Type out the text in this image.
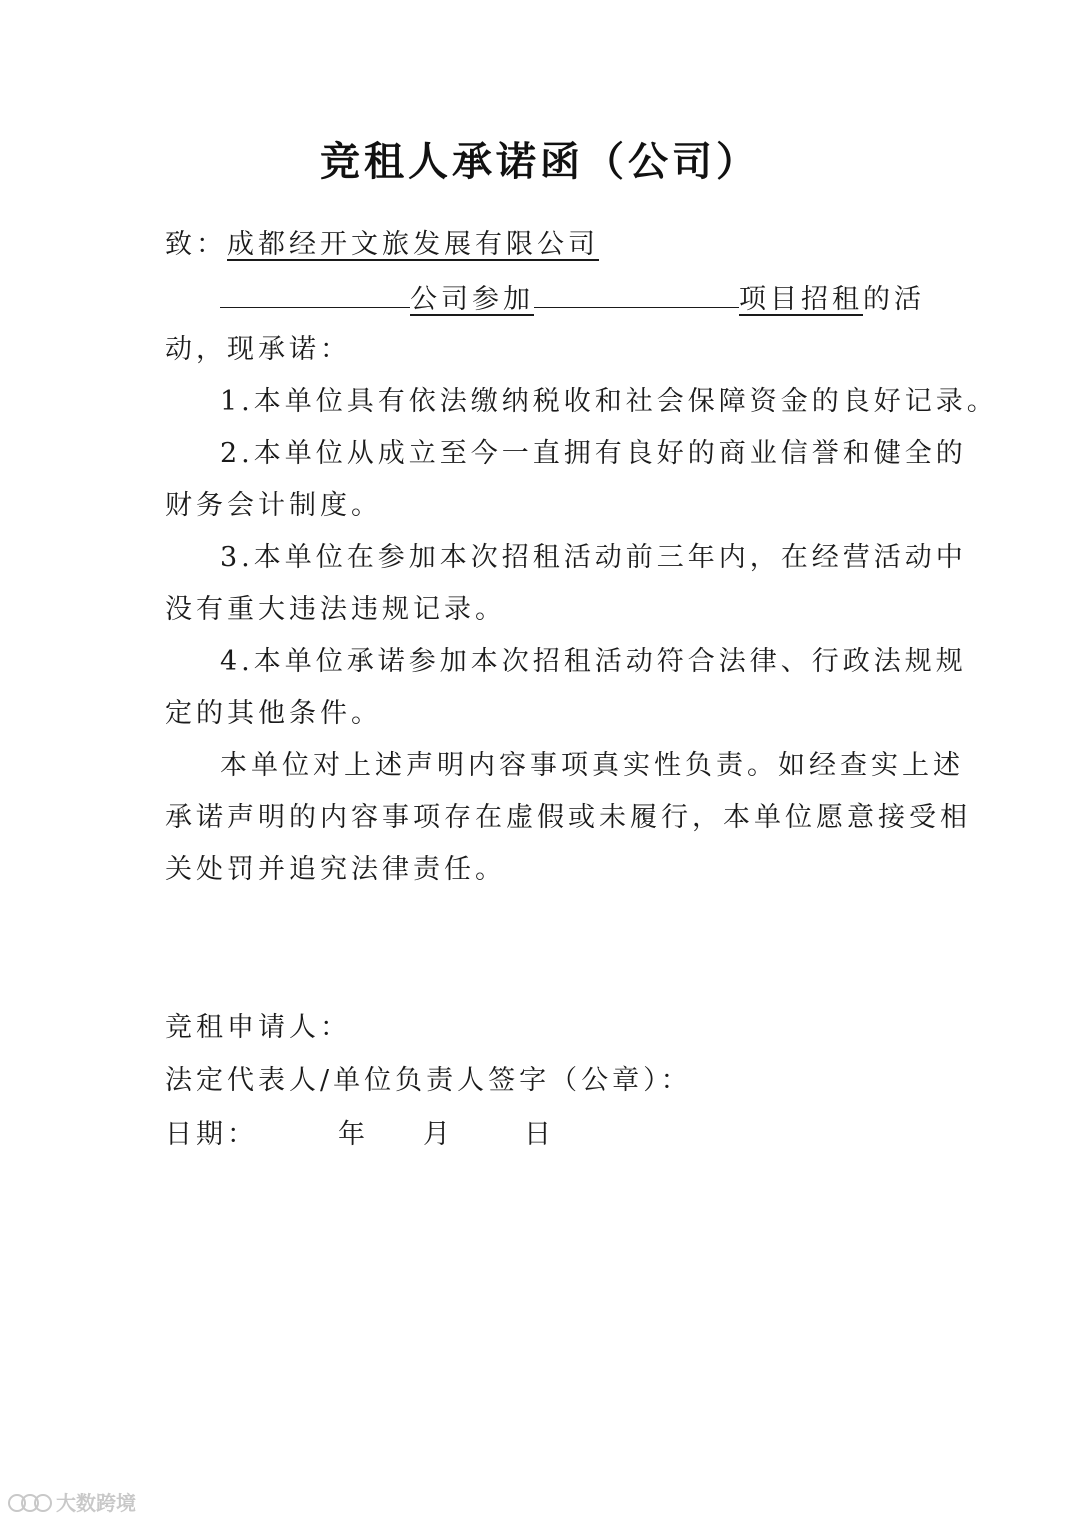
竞租人承诺函（公司）
致：成都经开文旅发展有限公司
公司参加	项目招租的活
动，现承诺：
1.本单位具有依法缴纳税收和社会保障资金的良好记录。
2.本单位从成立至今一直拥有良好的商业信誉和健全的
财务会计制度。
3.本单位在参加本次招租活动前三年内，在经营活动中
没有重大违法违规记录。
4.本单位承诺参加本次招租活动符合法律、行政法规规
定的其他条件。
本单位对上述声明内容事项真实性负责。如经查实上述
承诺声明的内容事项存在虚假或未履行，本单位愿意接受相
关处罚并追究法律责任。
竞租申请人：
法定代表人/单位负责人签字（公章）：
日期：	年 月	日
大数跨境
